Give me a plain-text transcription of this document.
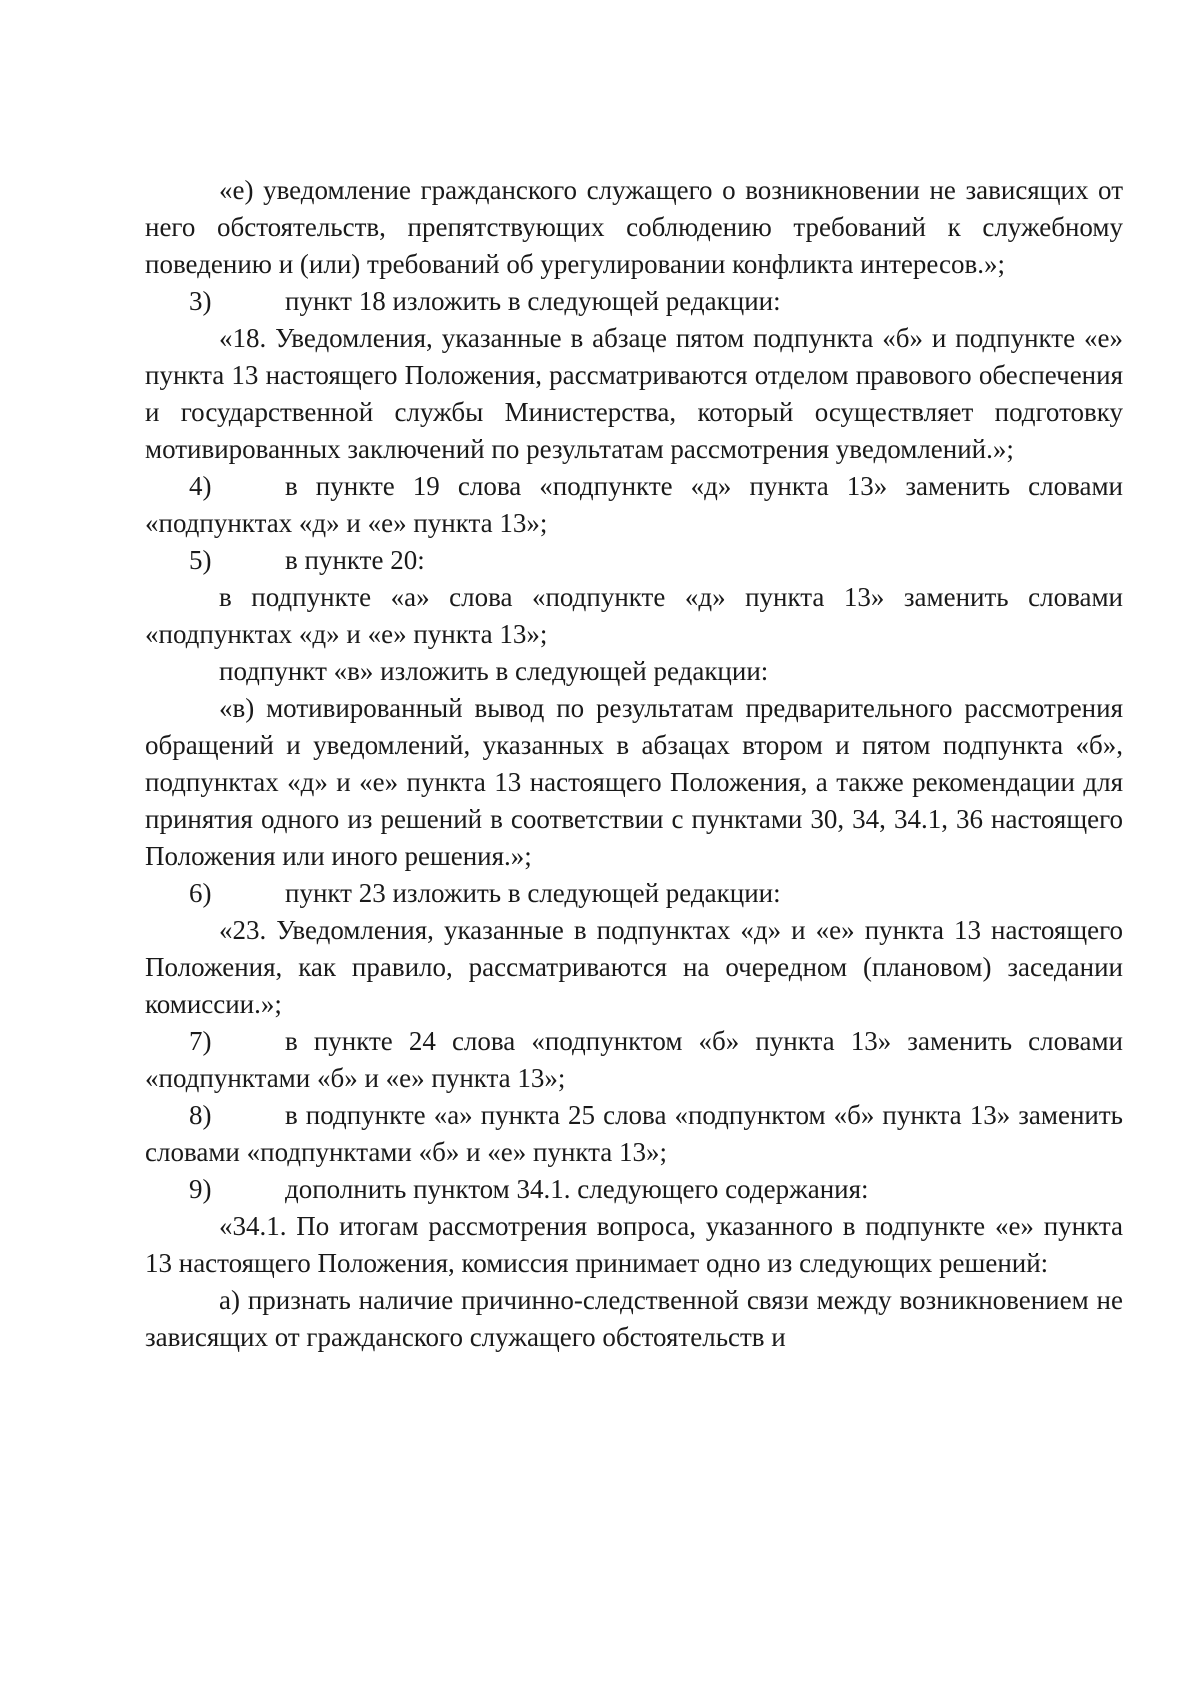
«е) уведомление гражданского служащего о возникновении не зависящих от него обстоятельств, препятствующих соблюдению требований к служебному поведению и (или) требований об урегулировании конфликта интересов.»;

3)	пункт 18 изложить в следующей редакции:

«18. Уведомления, указанные в абзаце пятом подпункта «б» и подпункте «е» пункта 13 настоящего Положения, рассматриваются отделом правового обеспечения и государственной службы Министерства, который осуществляет подготовку мотивированных заключений по результатам рассмотрения уведомлений.»;

4)	в пункте 19 слова «подпункте «д» пункта 13» заменить словами «подпунктах «д» и «е» пункта 13»;

5)	в пункте 20:

в подпункте «а» слова «подпункте «д» пункта 13» заменить словами «подпунктах «д» и «е» пункта 13»;

подпункт «в» изложить в следующей редакции:

«в) мотивированный вывод по результатам предварительного рассмотрения обращений и уведомлений, указанных в абзацах втором и пятом подпункта «б», подпунктах «д» и «е» пункта 13 настоящего Положения, а также рекомендации для принятия одного из решений в соответствии с пунктами 30, 34, 34.1, 36 настоящего Положения или иного решения.»;

6)	пункт 23 изложить в следующей редакции:

«23. Уведомления, указанные в подпунктах «д» и «е» пункта 13 настоящего Положения, как правило, рассматриваются на очередном (плановом) заседании комиссии.»;

7)	в пункте 24 слова «подпунктом «б» пункта 13» заменить словами «подпунктами «б» и «е» пункта 13»;

8)	в подпункте «а» пункта 25 слова «подпунктом «б» пункта 13» заменить словами «подпунктами «б» и «е» пункта 13»;

9)	дополнить пунктом 34.1. следующего содержания:

«34.1. По итогам рассмотрения вопроса, указанного в подпункте «е» пункта 13 настоящего Положения, комиссия принимает одно из следующих решений:

а) признать наличие причинно-следственной связи между возникновением не зависящих от гражданского служащего обстоятельств и
